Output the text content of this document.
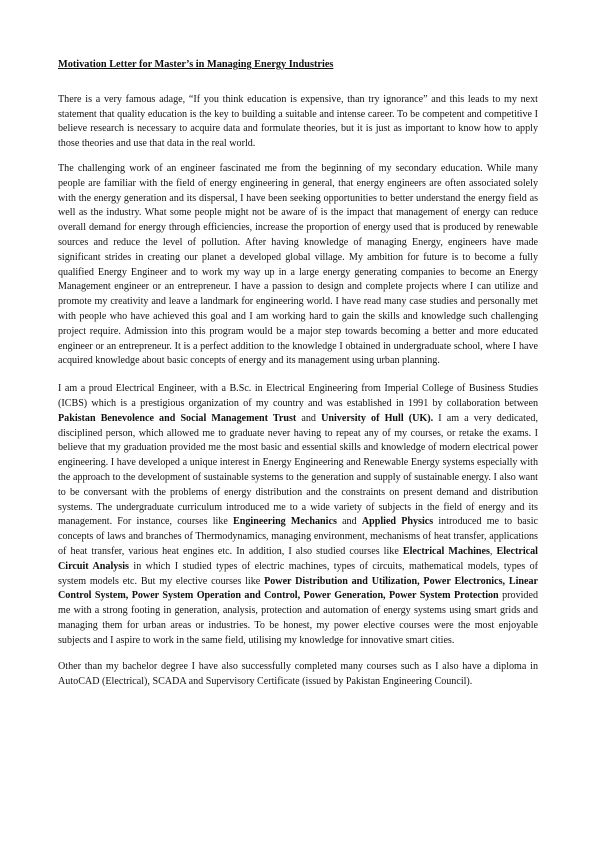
Motivation Letter for Master’s in Managing Energy Industries

There is a very famous adage, “If you think education is expensive, than try ignorance” and this leads to my next statement that quality education is the key to building a suitable and intense career. To be competent and competitive I believe research is necessary to acquire data and formulate theories, but it is just as important to know how to apply those theories and use that data in the real world.

The challenging work of an engineer fascinated me from the beginning of my secondary education. While many people are familiar with the field of energy engineering in general, that energy engineers are often associated solely with the energy generation and its dispersal, I have been seeking opportunities to better understand the energy field as well as the industry. What some people might not be aware of is the impact that management of energy can reduce overall demand for energy through efficiencies, increase the proportion of energy used that is produced by renewable sources and reduce the level of pollution. After having knowledge of managing Energy, engineers have made significant strides in creating our planet a developed global village. My ambition for future is to become a fully qualified Energy Engineer and to work my way up in a large energy generating companies to become an Energy Management engineer or an entrepreneur. I have a passion to design and complete projects where I can utilize and promote my creativity and leave a landmark for engineering world. I have read many case studies and personally met with people who have achieved this goal and I am working hard to gain the skills and knowledge such challenging project require. Admission into this program would be a major step towards becoming a better and more educated engineer or an entrepreneur. It is a perfect addition to the knowledge I obtained in undergraduate school, where I have acquired knowledge about basic concepts of energy and its management using urban planning.

I am a proud Electrical Engineer, with a B.Sc. in Electrical Engineering from Imperial College of Business Studies (ICBS) which is a prestigious organization of my country and was established in 1991 by collaboration between Pakistan Benevolence and Social Management Trust and University of Hull (UK). I am a very dedicated, disciplined person, which allowed me to graduate never having to repeat any of my courses, or retake the exams. I believe that my graduation provided me the most basic and essential skills and knowledge of modern electrical power engineering. I have developed a unique interest in Energy Engineering and Renewable Energy systems especially with the approach to the development of sustainable systems to the generation and supply of sustainable energy. I also want to be conversant with the problems of energy distribution and the constraints on present demand and distribution systems. The undergraduate curriculum introduced me to a wide variety of subjects in the field of energy and its management. For instance, courses like Engineering Mechanics and Applied Physics introduced me to basic concepts of laws and branches of Thermodynamics, managing environment, mechanisms of heat transfer, applications of heat transfer, various heat engines etc. In addition, I also studied courses like Electrical Machines, Electrical Circuit Analysis in which I studied types of electric machines, types of circuits, mathematical models, types of system models etc. But my elective courses like Power Distribution and Utilization, Power Electronics, Linear Control System, Power System Operation and Control, Power Generation, Power System Protection provided me with a strong footing in generation, analysis, protection and automation of energy systems using smart grids and managing them for urban areas or industries. To be honest, my power elective courses were the most enjoyable subjects and I aspire to work in the same field, utilising my knowledge for innovative smart cities.

Other than my bachelor degree I have also successfully completed many courses such as I also have a diploma in AutoCAD (Electrical), SCADA and Supervisory Certificate (issued by Pakistan Engineering Council).
